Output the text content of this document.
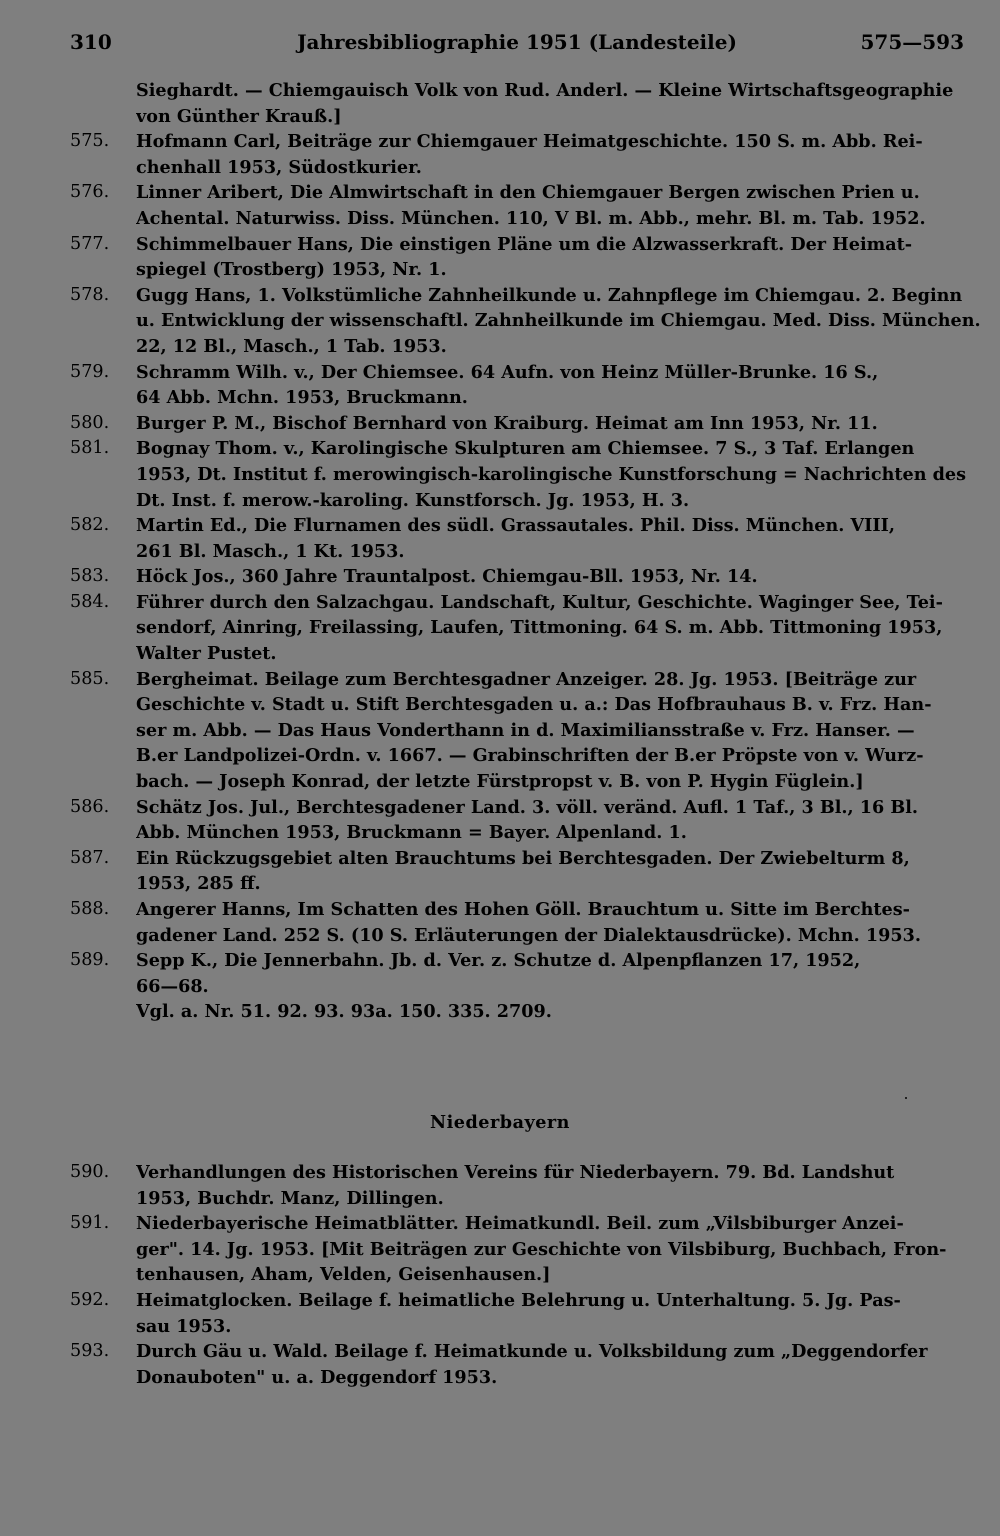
310	Jahresbibliographie 1951 (Landesteile)	575—593
Sieghardt. — Chiemgauisch Volk von Rud. Anderl. — Kleine Wirtschaftsgeographie
von Günther Krauß.]
575.	Hofmann Carl, Beiträge zur Chiemgauer Heimatgeschichte. 150 S. m. Abb. Rei-
chenhall 1953, Südostkurier.
576.	Linner Aribert, Die Almwirtschaft in den Chiemgauer Bergen zwischen Prien u.
Achental. Naturwiss. Diss. München. 110, V Bl. m. Abb., mehr. Bl. m. Tab. 1952.
577.	Schimmelbauer Hans, Die einstigen Pläne um die Alzwasserkraft. Der Heimat-
spiegel (Trostberg) 1953, Nr. 1.
578.	Gugg Hans, 1. Volkstümliche Zahnheilkunde u. Zahnpflege im Chiemgau. 2. Beginn
u. Entwicklung der wissenschaftl. Zahnheilkunde im Chiemgau. Med. Diss. München.
22, 12 Bl., Masch., 1 Tab. 1953.
579.	Schramm Wilh. v., Der Chiemsee. 64 Aufn. von Heinz Müller-Brunke. 16 S.,
64 Abb. Mchn. 1953, Bruckmann.
580.	Burger P. M., Bischof Bernhard von Kraiburg. Heimat am Inn 1953, Nr. 11.
581.	Bognay Thom. v., Karolingische Skulpturen am Chiemsee. 7 S., 3 Taf. Erlangen
1953, Dt. Institut f. merowingisch-karolingische Kunstforschung = Nachrichten des
Dt. Inst. f. merow.-karoling. Kunstforsch. Jg. 1953, H. 3.
582.	Martin Ed., Die Flurnamen des südl. Grassautales. Phil. Diss. München. VIII,
261 Bl. Masch., 1 Kt. 1953.
583.	Höck Jos., 360 Jahre Trauntalpost. Chiemgau-Bll. 1953, Nr. 14.
584.	Führer durch den Salzachgau. Landschaft, Kultur, Geschichte. Waginger See, Tei-
sendorf, Ainring, Freilassing, Laufen, Tittmoning. 64 S. m. Abb. Tittmoning 1953,
Walter Pustet.
585.	Bergheimat. Beilage zum Berchtesgadner Anzeiger. 28. Jg. 1953. [Beiträge zur
Geschichte v. Stadt u. Stift Berchtesgaden u. a.: Das Hofbrauhaus B. v. Frz. Han-
ser m. Abb. — Das Haus Vonderthann in d. Maximiliansstraße v. Frz. Hanser. —
B.er Landpolizei-Ordn. v. 1667. — Grabinschriften der B.er Pröpste von v. Wurz-
bach. — Joseph Konrad, der letzte Fürstpropst v. B. von P. Hygin Füglein.]
586.	Schätz Jos. Jul., Berchtesgadener Land. 3. völl. veränd. Aufl. 1 Taf., 3 Bl., 16 Bl.
Abb. München 1953, Bruckmann = Bayer. Alpenland. 1.
587.	Ein Rückzugsgebiet alten Brauchtums bei Berchtesgaden. Der Zwiebelturm 8,
1953, 285 ff.
588.	Angerer Hanns, Im Schatten des Hohen Göll. Brauchtum u. Sitte im Berchtes-
gadener Land. 252 S. (10 S. Erläuterungen der Dialektausdrücke). Mchn. 1953.
589.	Sepp K., Die Jennerbahn. Jb. d. Ver. z. Schutze d. Alpenpflanzen 17, 1952,
66—68.
Vgl. a. Nr. 51. 92. 93. 93a. 150. 335. 2709.
Niederbayern
590.	Verhandlungen des Historischen Vereins für Niederbayern. 79. Bd. Landshut
1953, Buchdr. Manz, Dillingen.
591.	Niederbayerische Heimatblätter. Heimatkundl. Beil. zum „Vilsbiburger Anzei-
ger". 14. Jg. 1953. [Mit Beiträgen zur Geschichte von Vilsbiburg, Buchbach, Fron-
tenhausen, Aham, Velden, Geisenhausen.]
592.	Heimatglocken. Beilage f. heimatliche Belehrung u. Unterhaltung. 5. Jg. Pas-
sau 1953.
593.	Durch Gäu u. Wald. Beilage f. Heimatkunde u. Volksbildung zum „Deggendorfer
Donauboten" u. a. Deggendorf 1953.
